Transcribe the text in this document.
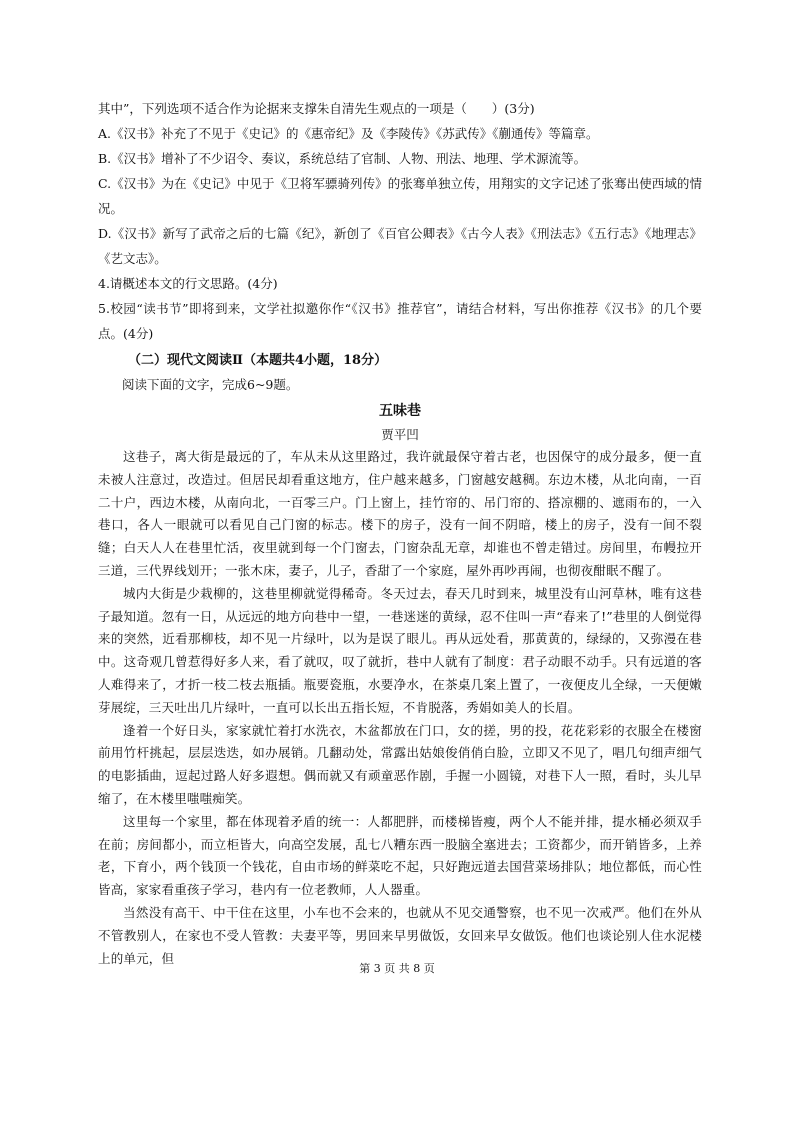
其中”，下列选项不适合作为论据来支撑朱自清先生观点的一项是（　　）(3分)

A.《汉书》补充了不见于《史记》的《惠帝纪》及《李陵传》《苏武传》《蒯通传》等篇章。

B.《汉书》增补了不少诏令、奏议，系统总结了官制、人物、刑法、地理、学术源流等。

C.《汉书》为在《史记》中见于《卫将军骠骑列传》的张骞单独立传，用翔实的文字记述了张骞出使西域的情况。

D.《汉书》新写了武帝之后的七篇《纪》，新创了《百官公卿表》《古今人表》《刑法志》《五行志》《地理志》《艺文志》。

4.请概述本文的行文思路。(4分)

5.校园“读书节”即将到来，文学社拟邀你作“《汉书》推荐官”，请结合材料，写出你推荐《汉书》的几个要点。(4分)

（二）现代文阅读Ⅱ（本题共4小题，18分）

阅读下面的文字，完成6~9题。

五味巷

贾平凹

这巷子，离大街是最远的了，车从未从这里路过，我许就最保守着古老，也因保守的成分最多，便一直未被人注意过，改造过。但居民却看重这地方，住户越来越多，门窗越安越稠。东边木楼，从北向南，一百二十户，西边木楼，从南向北，一百零三户。门上窗上，挂竹帘的、吊门帘的、搭凉棚的、遮雨布的，一入巷口，各人一眼就可以看见自己门窗的标志。楼下的房子，没有一间不阴暗，楼上的房子，没有一间不裂缝；白天人人在巷里忙活，夜里就到每一个门窗去，门窗杂乱无章，却谁也不曾走错过。房间里，布幔拉开三道，三代界线划开；一张木床，妻子，儿子，香甜了一个家庭，屋外再吵再闹，也彻夜酣眠不醒了。

城内大街是少栽柳的，这巷里柳就觉得稀奇。冬天过去，春天几时到来，城里没有山河草林，唯有这巷子最知道。忽有一日，从远远的地方向巷中一望，一巷迷迷的黄绿，忍不住叫一声“春来了!”巷里的人倒觉得来的突然，近看那柳枝，却不见一片绿叶，以为是误了眼儿。再从远处看，那黄黄的，绿绿的，又弥漫在巷中。这奇观几曾惹得好多人来，看了就叹，叹了就折，巷中人就有了制度：君子动眼不动手。只有远道的客人难得来了，才折一枝二枝去瓶插。瓶要瓷瓶，水要净水，在茶桌几案上置了，一夜便皮儿全绿，一天便嫩芽展绽，三天吐出几片绿叶，一直可以长出五指长短，不肯脱落，秀娟如美人的长眉。

逢着一个好日头，家家就忙着打水洗衣，木盆都放在门口，女的搓，男的投，花花彩彩的衣服全在楼窗前用竹杆挑起，层层迭迭，如办展销。几翻动处，常露出姑娘俊俏俏白脸，立即又不见了，唱几句细声细气的电影插曲，逗起过路人好多遐想。偶而就又有顽童恶作剧，手握一小圆镜，对巷下人一照，看时，头儿早缩了，在木楼里嗤嗤痴笑。

这里每一个家里，都在体现着矛盾的统一：人都肥胖，而楼梯皆瘦，两个人不能并排，提水桶必须双手在前；房间都小，而立柜皆大，向高空发展，乱七八糟东西一股脑全塞进去；工资都少，而开销皆多，上养老，下育小，两个钱顶一个钱花，自由市场的鲜菜吃不起，只好跑远道去国营菜场排队；地位都低，而心性皆高，家家看重孩子学习，巷内有一位老教师，人人器重。

当然没有高干、中干住在这里，小车也不会来的，也就从不见交通警察，也不见一次戒严。他们在外从不管教别人，在家也不受人管教：夫妻平等，男回来早男做饭，女回来早女做饭。他们也谈论别人住水泥楼上的单元，但

第 3 页 共 8 页
